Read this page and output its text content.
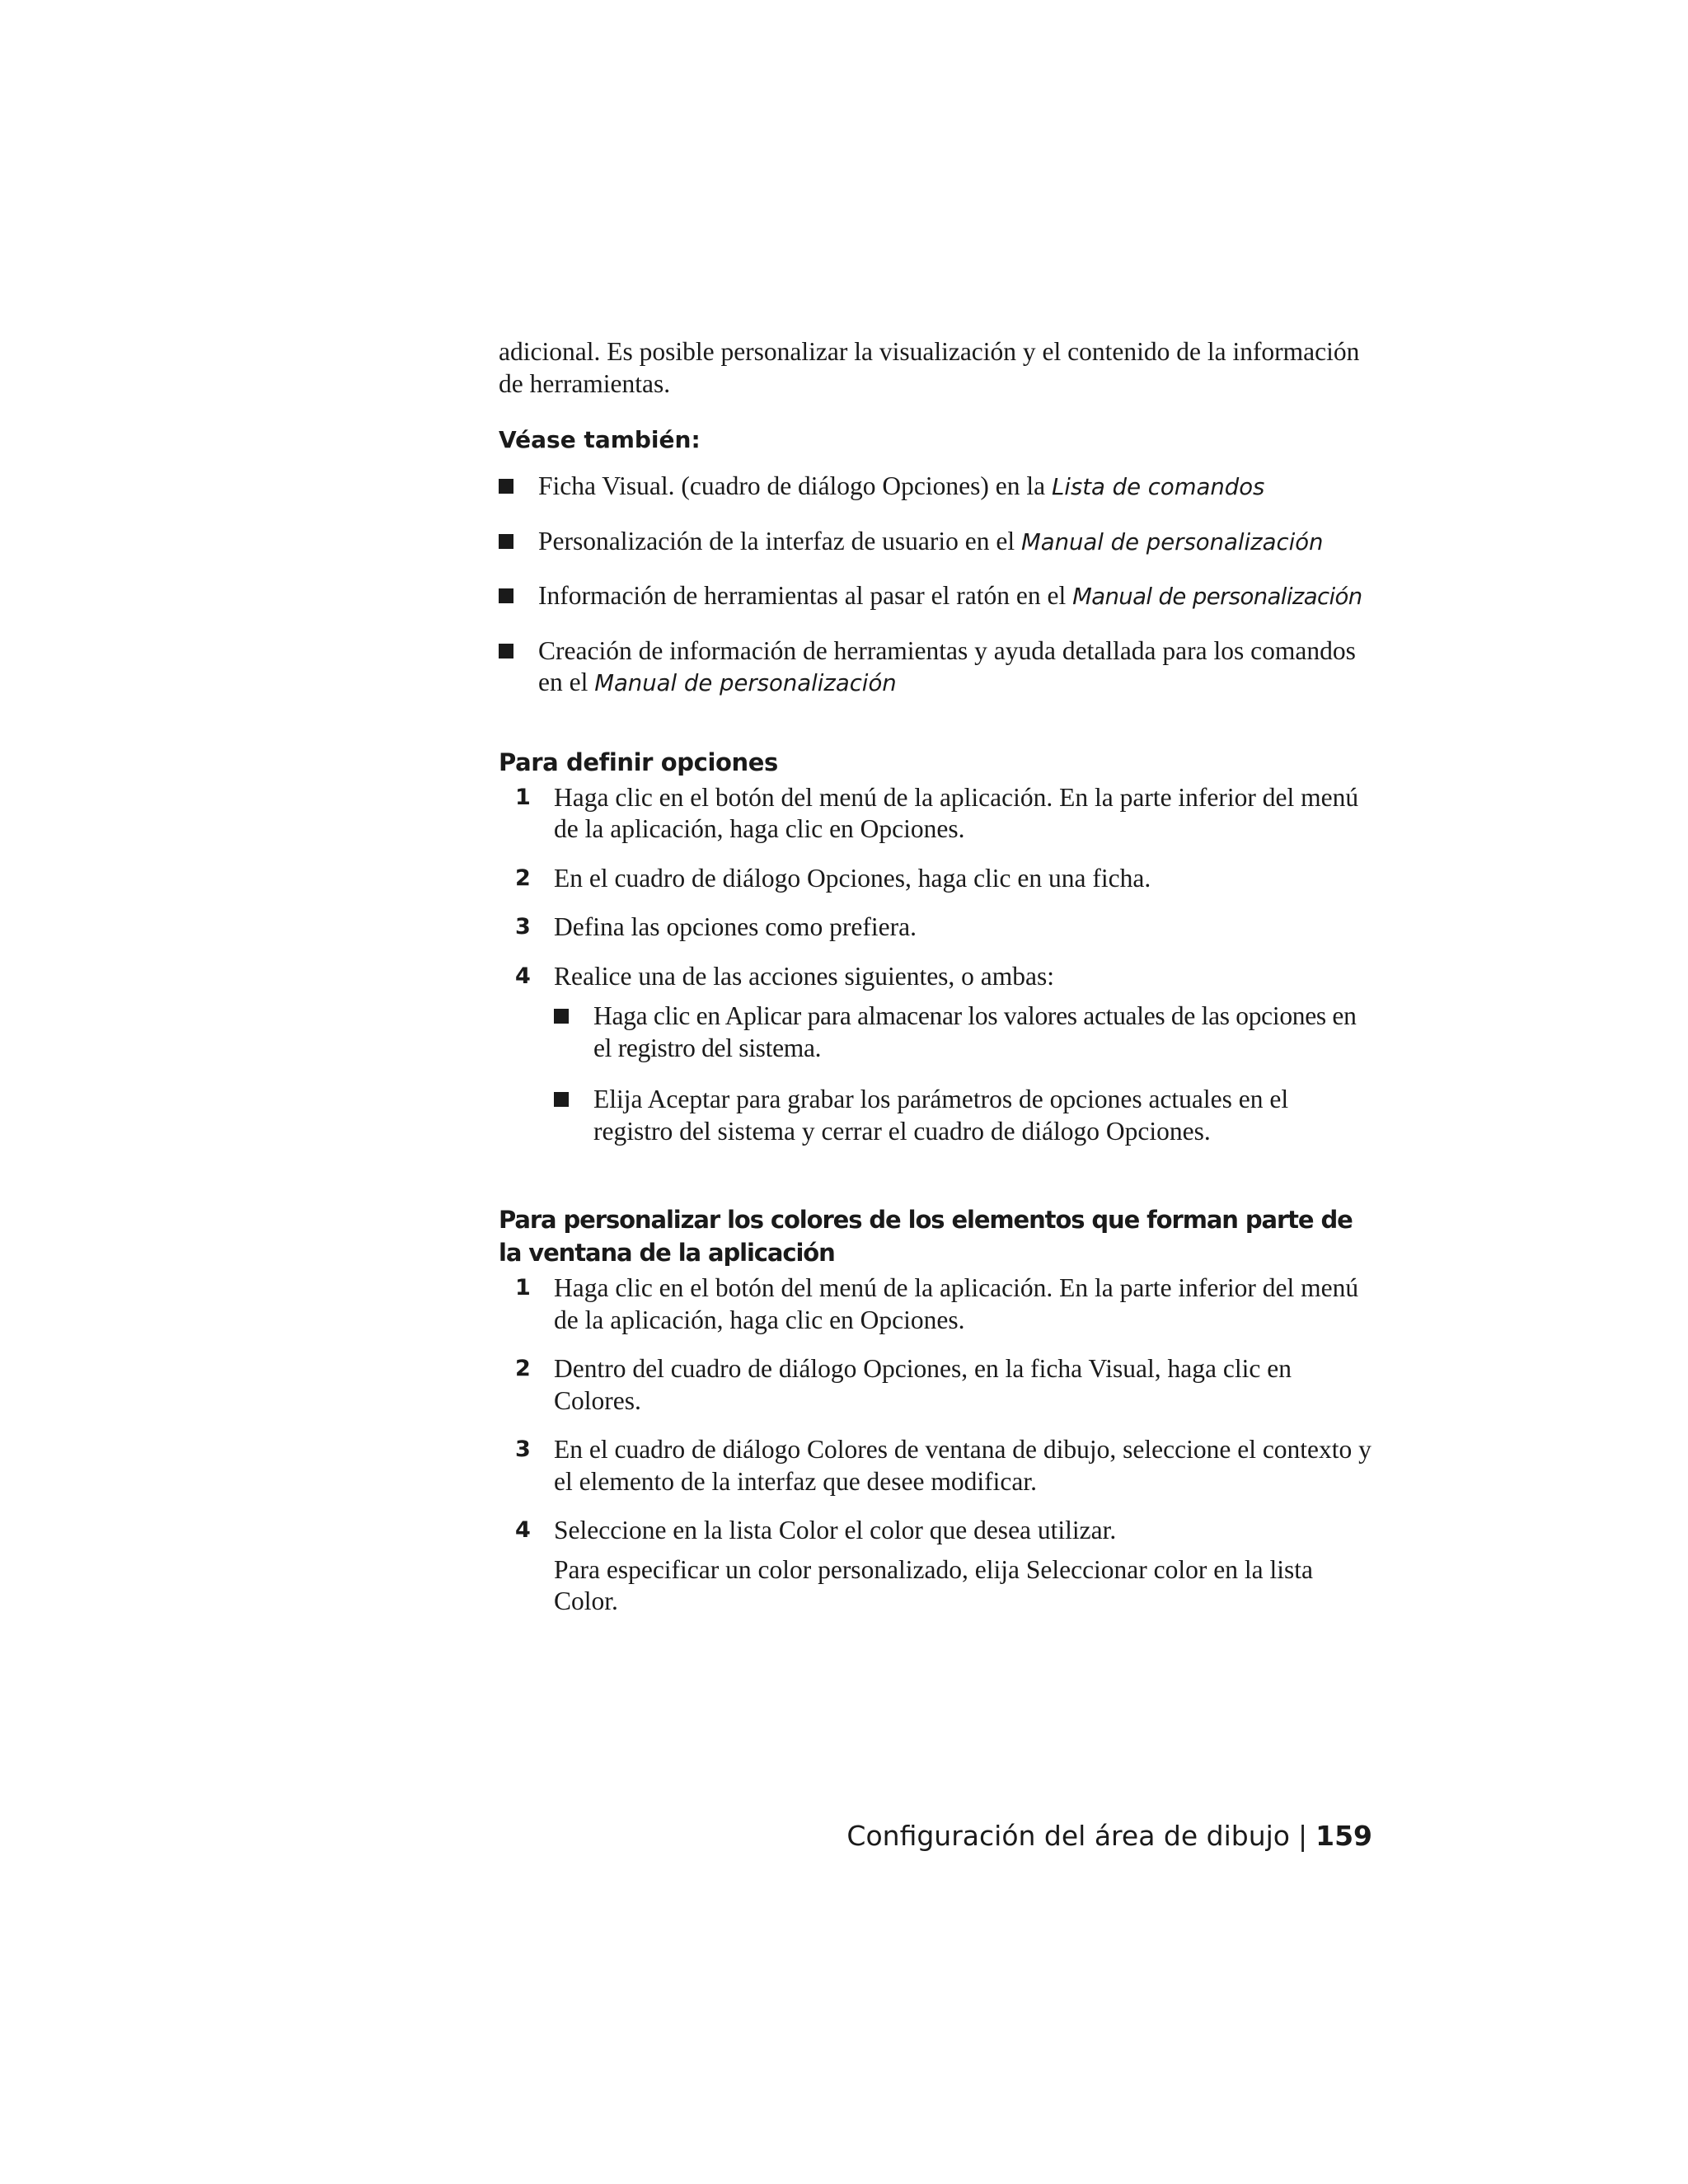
adicional. Es posible personalizar la visualización y el contenido de la información de herramientas.

Véase también:
Ficha Visual. (cuadro de diálogo Opciones) en la Lista de comandos
Personalización de la interfaz de usuario en el Manual de personalización
Información de herramientas al pasar el ratón en el Manual de personalización
Creación de información de herramientas y ayuda detallada para los comandos en el Manual de personalización
Para definir opciones
1 Haga clic en el botón del menú de la aplicación. En la parte inferior del menú de la aplicación, haga clic en Opciones.
2 En el cuadro de diálogo Opciones, haga clic en una ficha.
3 Defina las opciones como prefiera.
4 Realice una de las acciones siguientes, o ambas:
Haga clic en Aplicar para almacenar los valores actuales de las opciones en el registro del sistema.
Elija Aceptar para grabar los parámetros de opciones actuales en el registro del sistema y cerrar el cuadro de diálogo Opciones.
Para personalizar los colores de los elementos que forman parte de la ventana de la aplicación
1 Haga clic en el botón del menú de la aplicación. En la parte inferior del menú de la aplicación, haga clic en Opciones.
2 Dentro del cuadro de diálogo Opciones, en la ficha Visual, haga clic en Colores.
3 En el cuadro de diálogo Colores de ventana de dibujo, seleccione el contexto y el elemento de la interfaz que desee modificar.
4 Seleccione en la lista Color el color que desea utilizar.
Para especificar un color personalizado, elija Seleccionar color en la lista Color.
Configuración del área de dibujo | 159
